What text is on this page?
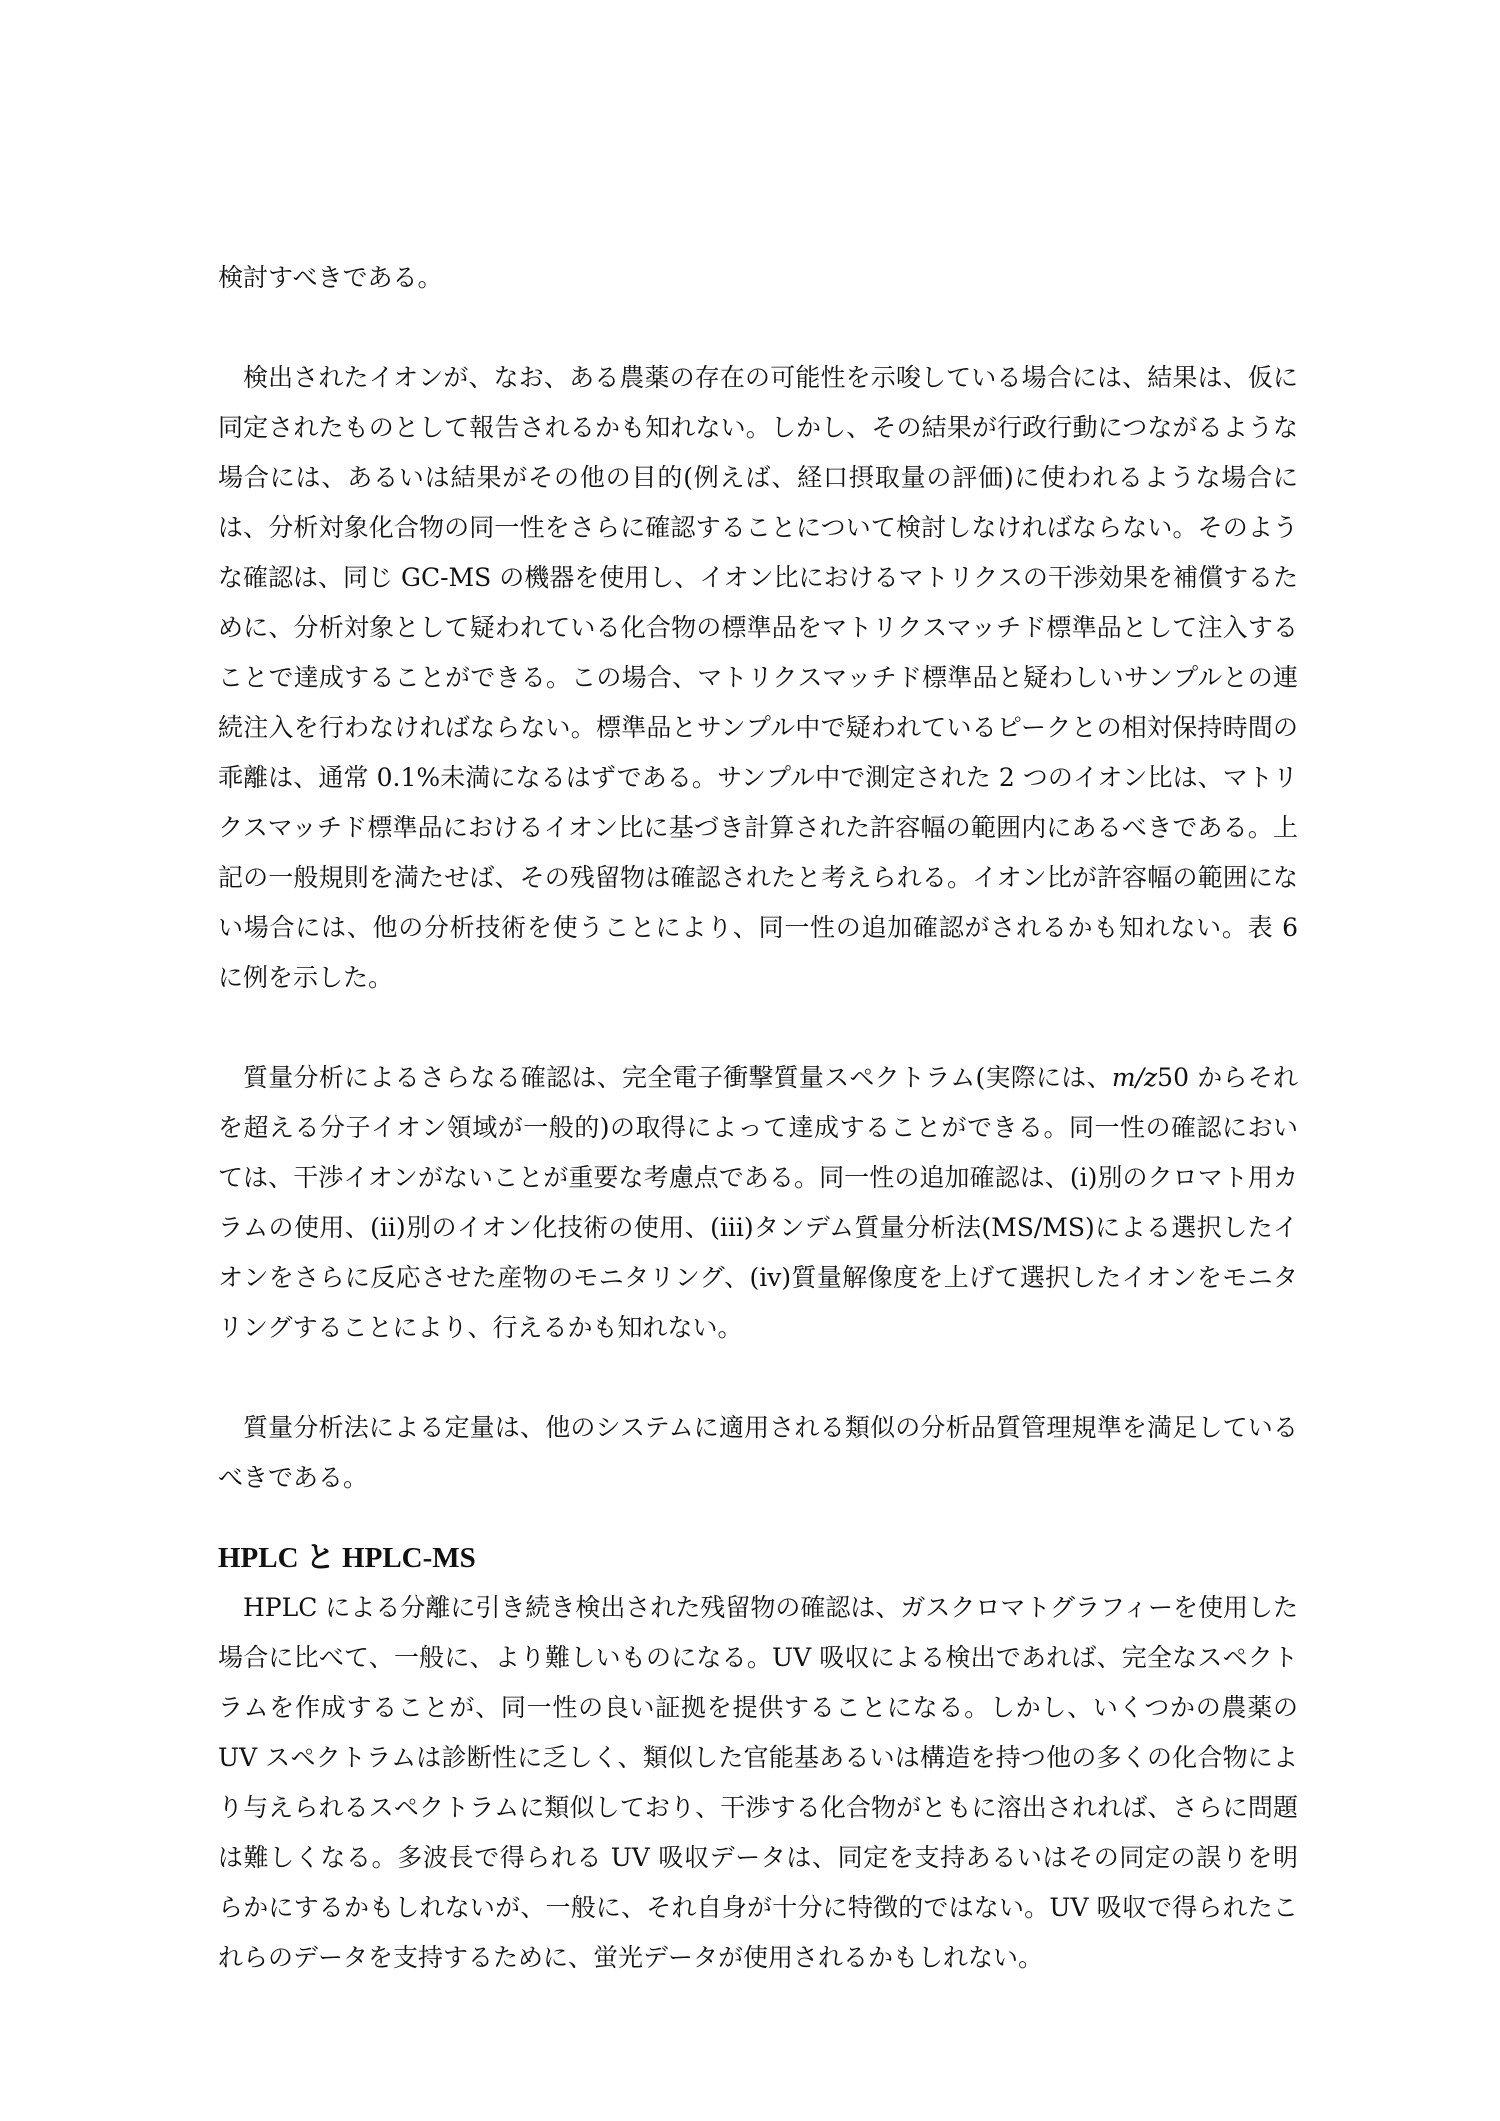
検討すべきである。

検出されたイオンが、なお、ある農薬の存在の可能性を示唆している場合には、結果は、仮に同定されたものとして報告されるかも知れない。しかし、その結果が行政行動につながるような場合には、あるいは結果がその他の目的(例えば、経口摂取量の評価)に使われるような場合には、分析対象化合物の同一性をさらに確認することについて検討しなければならない。そのような確認は、同じ GC-MS の機器を使用し、イオン比におけるマトリクスの干渉効果を補償するために、分析対象として疑われている化合物の標準品をマトリクスマッチド標準品として注入することで達成することができる。この場合、マトリクスマッチド標準品と疑わしいサンプルとの連続注入を行わなければならない。標準品とサンプル中で疑われているピークとの相対保持時間の乖離は、通常 0.1%未満になるはずである。サンプル中で測定された 2 つのイオン比は、マトリクスマッチド標準品におけるイオン比に基づき計算された許容幅の範囲内にあるべきである。上記の一般規則を満たせば、その残留物は確認されたと考えられる。イオン比が許容幅の範囲にない場合には、他の分析技術を使うことにより、同一性の追加確認がされるかも知れない。表 6 に例を示した。

質量分析によるさらなる確認は、完全電子衝撃質量スペクトラム(実際には、m/z50 からそれを超える分子イオン領域が一般的)の取得によって達成することができる。同一性の確認においては、干渉イオンがないことが重要な考慮点である。同一性の追加確認は、(i)別のクロマト用カラムの使用、(ii)別のイオン化技術の使用、(iii)タンデム質量分析法(MS/MS)による選択したイオンをさらに反応させた産物のモニタリング、(iv)質量解像度を上げて選択したイオンをモニタリングすることにより、行えるかも知れない。

質量分析法による定量は、他のシステムに適用される類似の分析品質管理規準を満足しているべきである。

HPLC と HPLC-MS

HPLC による分離に引き続き検出された残留物の確認は、ガスクロマトグラフィーを使用した場合に比べて、一般に、より難しいものになる。UV 吸収による検出であれば、完全なスペクトラムを作成することが、同一性の良い証拠を提供することになる。しかし、いくつかの農薬の UV スペクトラムは診断性に乏しく、類似した官能基あるいは構造を持つ他の多くの化合物により与えられるスペクトラムに類似しており、干渉する化合物がともに溶出されれば、さらに問題は難しくなる。多波長で得られる UV 吸収データは、同定を支持あるいはその同定の誤りを明らかにするかもしれないが、一般に、それ自身が十分に特徴的ではない。UV 吸収で得られたこれらのデータを支持するために、蛍光データが使用されるかもしれない。
